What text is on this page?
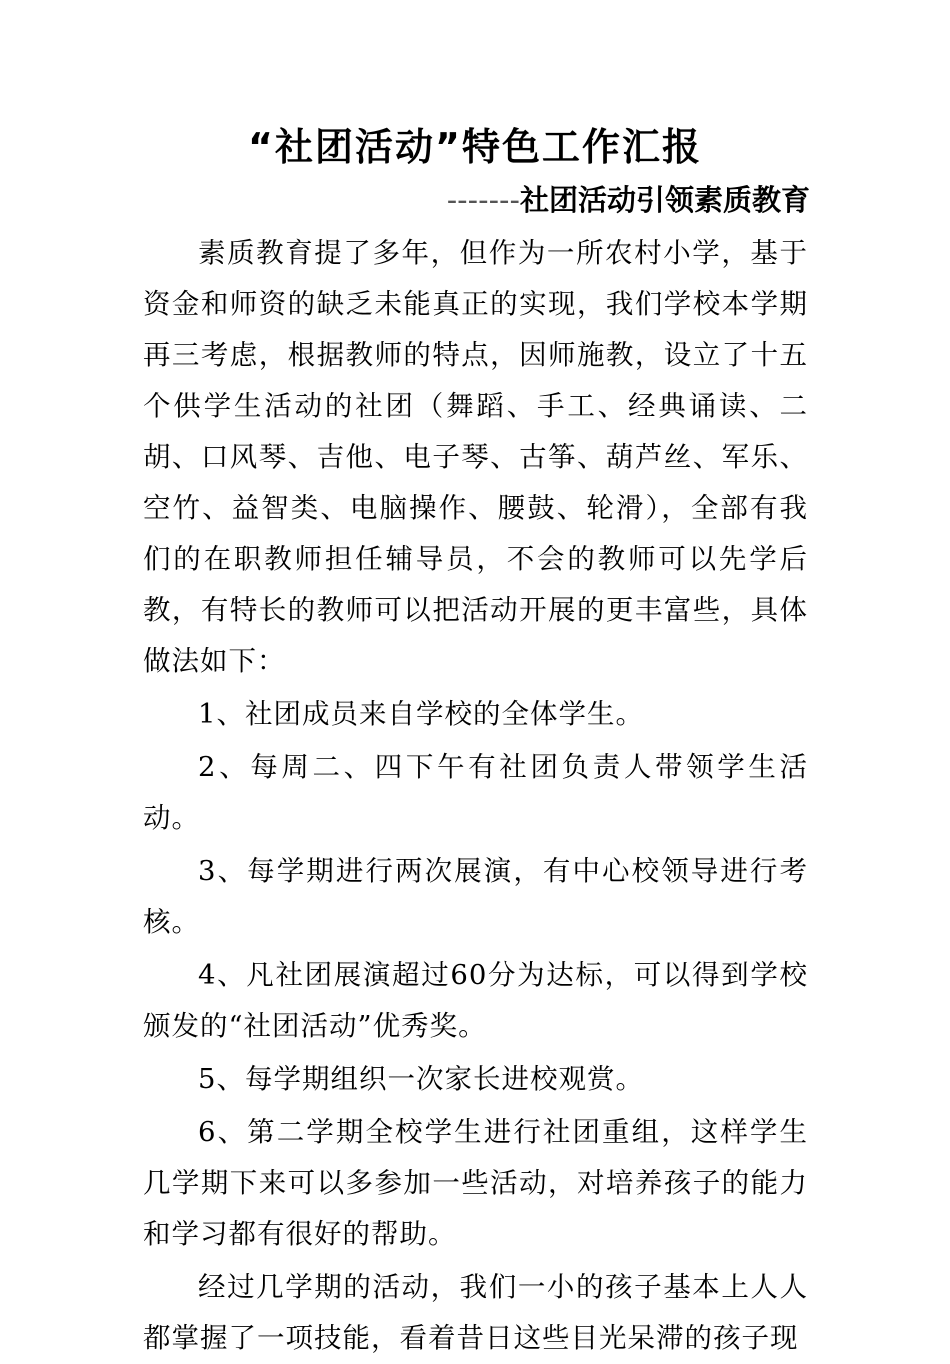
“社团活动”特色工作汇报
-------社团活动引领素质教育

素质教育提了多年，但作为一所农村小学，基于资金和师资的缺乏未能真正的实现，我们学校本学期再三考虑，根据教师的特点，因师施教，设立了十五个供学生活动的社团（舞蹈、手工、经典诵读、二胡、口风琴、吉他、电子琴、古筝、葫芦丝、军乐、空竹、益智类、电脑操作、腰鼓、轮滑），全部有我们的在职教师担任辅导员，不会的教师可以先学后教，有特长的教师可以把活动开展的更丰富些，具体做法如下：

1、社团成员来自学校的全体学生。

2、每周二、四下午有社团负责人带领学生活动。

3、每学期进行两次展演，有中心校领导进行考核。

4、凡社团展演超过60分为达标，可以得到学校颁发的“社团活动”优秀奖。

5、每学期组织一次家长进校观赏。

6、第二学期全校学生进行社团重组，这样学生几学期下来可以多参加一些活动，对培养孩子的能力和学习都有很好的帮助。

经过几学期的活动，我们一小的孩子基本上人人都掌握了一项技能，看着昔日这些目光呆滞的孩子现
